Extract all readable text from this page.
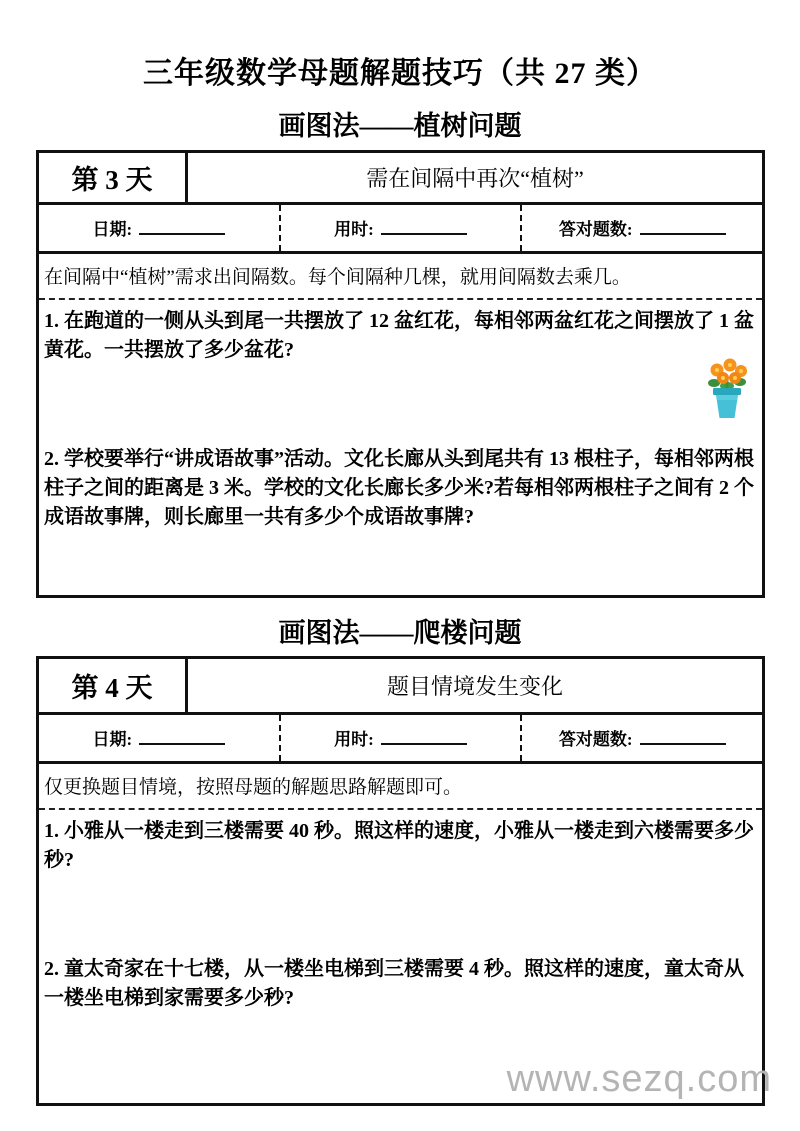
三年级数学母题解题技巧（共 27 类）
画图法——植树问题
第 3 天	需在间隔中再次“植树”
日期:	用时:	答对题数:
在间隔中“植树”需求出间隔数。每个间隔种几棵，就用间隔数去乘几。

1. 在跑道的一侧从头到尾一共摆放了 12 盆红花，每相邻两盆红花之间摆放了 1 盆黄花。一共摆放了多少盆花?

2. 学校要举行“讲成语故事”活动。文化长廊从头到尾共有 13 根柱子，每相邻两根柱子之间的距离是 3 米。学校的文化长廊长多少米?若每相邻两根柱子之间有 2 个成语故事牌，则长廊里一共有多少个成语故事牌?

画图法——爬楼问题
第 4 天	题目情境发生变化
日期:	用时:	答对题数:
仅更换题目情境，按照母题的解题思路解题即可。

1. 小雅从一楼走到三楼需要 40 秒。照这样的速度，小雅从一楼走到六楼需要多少秒?

2. 童太奇家在十七楼，从一楼坐电梯到三楼需要 4 秒。照这样的速度，童太奇从一楼坐电梯到家需要多少秒?

www.sezq.com
